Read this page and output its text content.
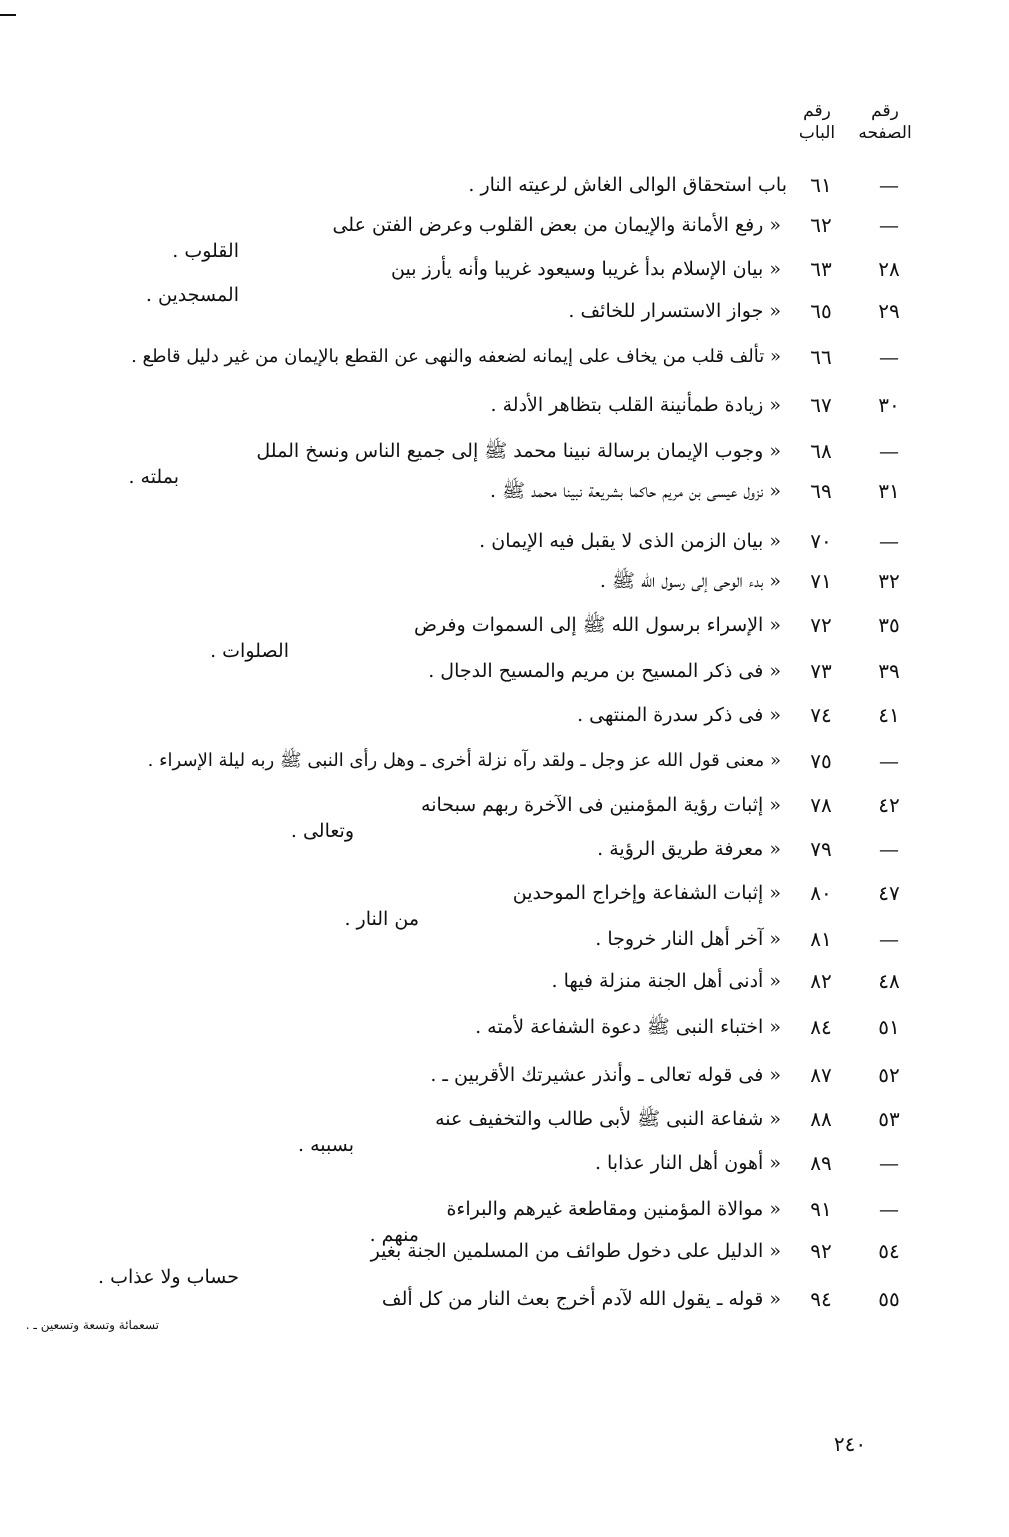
رقم
الصفحه
رقم
الباب
—
٦١
باب استحقاق الوالى الغاش لرعيته النار .
—
٦٢
« رفع الأمانة والإيمان من بعض القلوب وعرض الفتن على
القلوب .
٢٨
٦٣
« بيان الإسلام بدأ غريبا وسيعود غريبا وأنه يأرز بين
المسجدين .
٢٩
٦٥
« جواز الاستسرار للخائف .
—
٦٦
« تألف قلب من يخاف على إيمانه لضعفه والنهى عن القطع بالإيمان من غير دليل قاطع .
٣٠
٦٧
« زيادة طمأنينة القلب بتظاهر الأدلة .
—
٦٨
« وجوب الإيمان برسالة نبينا محمد ﷺ إلى جميع الناس ونسخ الملل
بملته .
٣١
٦٩
« نزول عيسى بن مريم حاكما بشريعة نبينا محمد ﷺ .
—
٧٠
« بيان الزمن الذى لا يقبل فيه الإيمان .
٣٢
٧١
« بدء الوحى إلى رسول الله ﷺ .
٣٥
٧٢
« الإسراء برسول الله ﷺ إلى السموات وفرض
الصلوات .
٣٩
٧٣
« فى ذكر المسيح بن مريم والمسيح الدجال .
٤١
٧٤
« فى ذكر سدرة المنتهى .
—
٧٥
« معنى قول الله عز وجل ـ ولقد رآه نزلة أخرى ـ وهل رأى النبى ﷺ ربه ليلة الإسراء .
٤٢
٧٨
« إثبات رؤية المؤمنين فى الآخرة ربهم سبحانه
وتعالى .
—
٧٩
« معرفة طريق الرؤية .
٤٧
٨٠
« إثبات الشفاعة وإخراج الموحدين
من النار .
—
٨١
« آخر أهل النار خروجا .
٤٨
٨٢
« أدنى أهل الجنة منزلة فيها .
٥١
٨٤
« اختباء النبى ﷺ دعوة الشفاعة لأمته .
٥٢
٨٧
« فى قوله تعالى ـ وأنذر عشيرتك الأقربين ـ .
٥٣
٨٨
« شفاعة النبى ﷺ لأبى طالب والتخفيف عنه
بسببه .
—
٨٩
« أهون أهل النار عذابا .
—
٩١
« موالاة المؤمنين ومقاطعة غيرهم والبراءة
منهم .
٥٤
٩٢
« الدليل على دخول طوائف من المسلمين الجنة بغير
حساب ولا عذاب .
٥٥
٩٤
« قوله ـ يقول الله لآدم أخرج بعث النار من كل ألف
تسعمائة وتسعة وتسعين ـ .
٢٤٠
